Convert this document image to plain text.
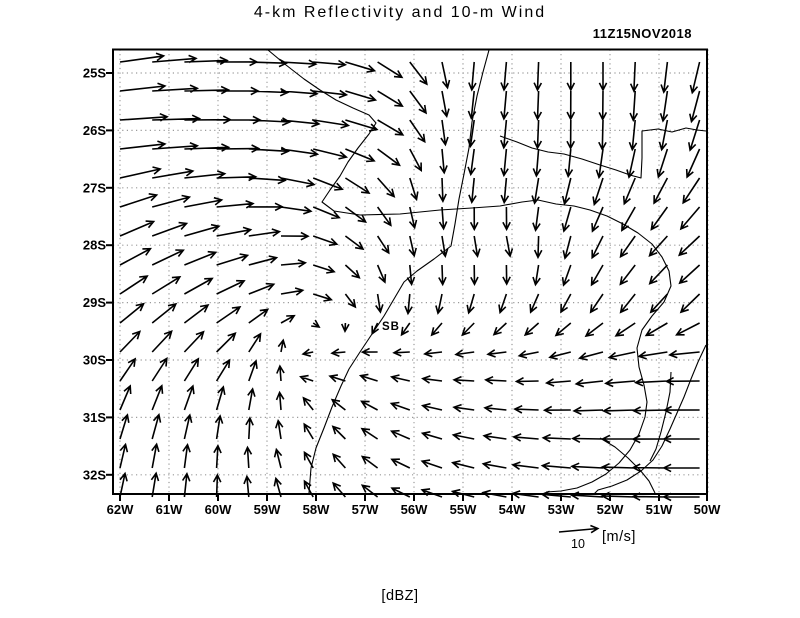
4-km Reflectivity and 10-m Wind
11Z15NOV2018
25S
26S
27S
28S
29S
30S
31S
32S
62W 61W 60W 59W 58W 57W 56W 55W 54W 53W 52W 51W 50W
SB
10	[m/s]
[dBZ]
